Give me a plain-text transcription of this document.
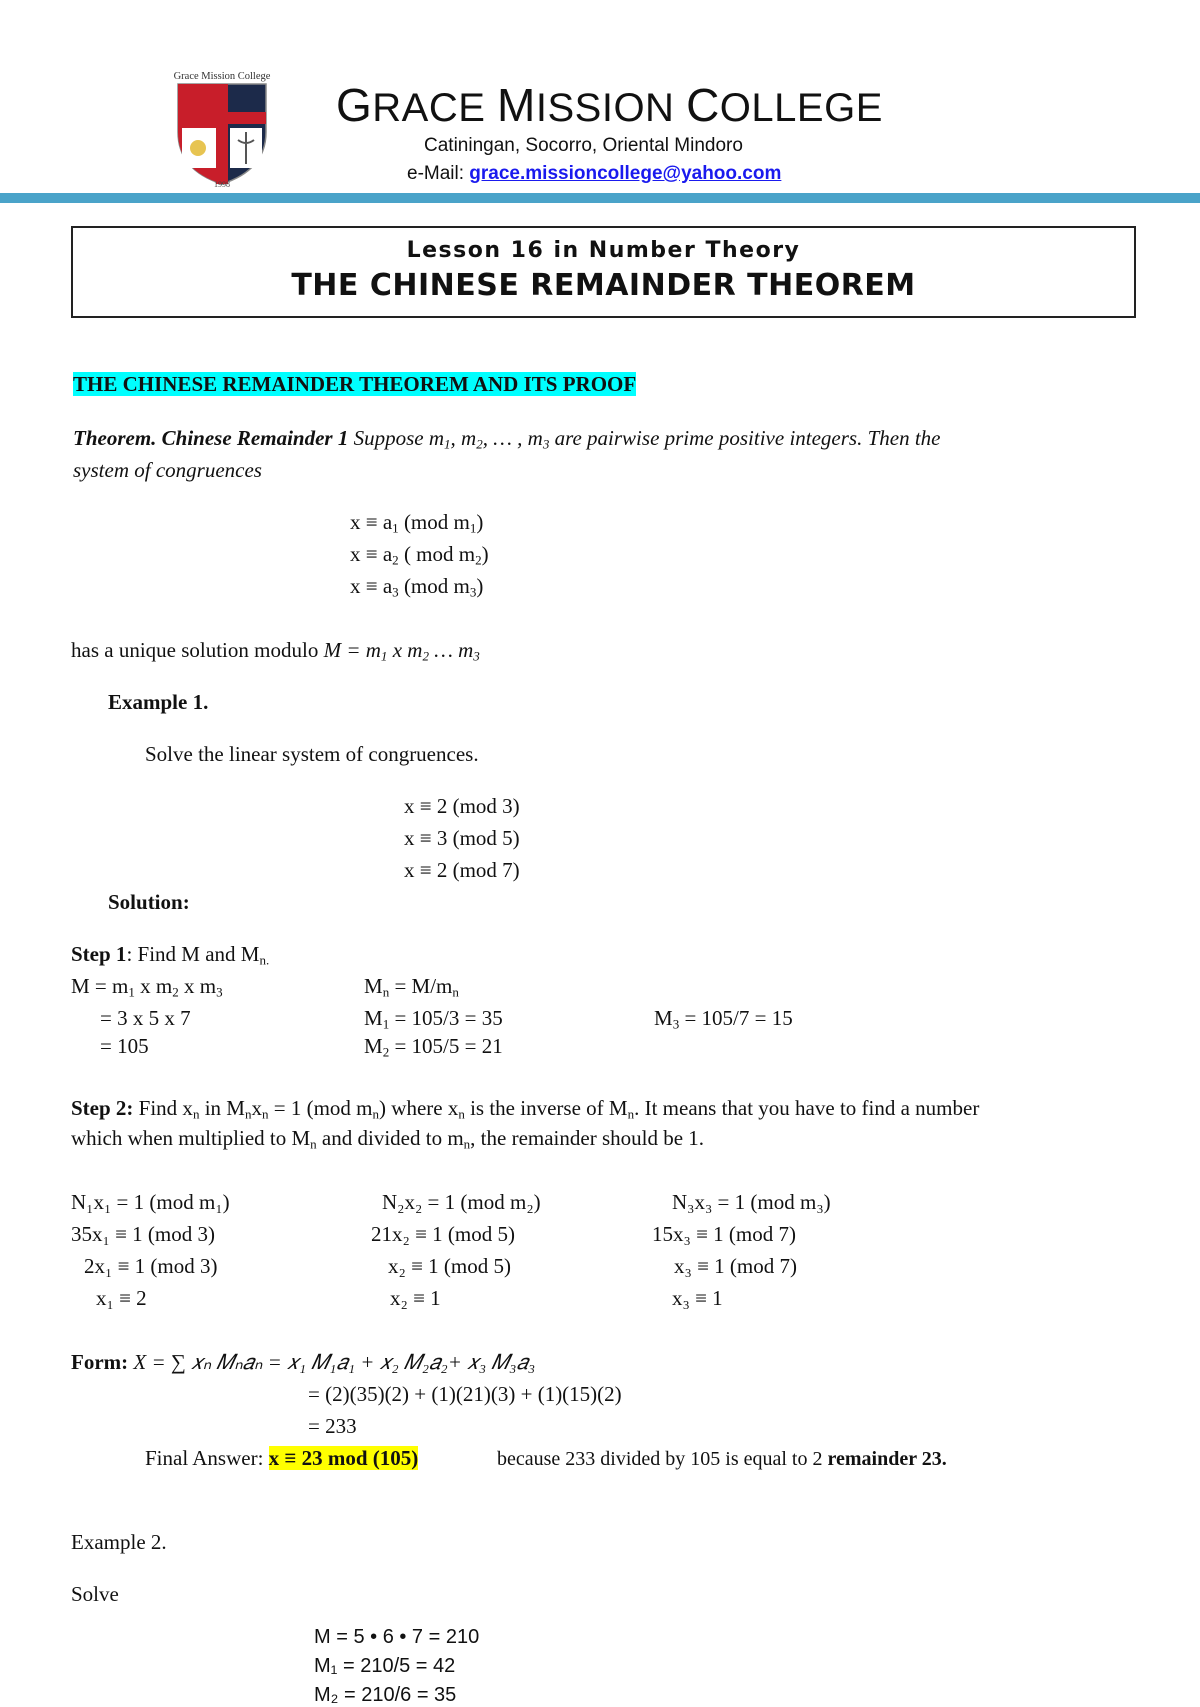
Grace Mission College
1998
GRACE MISSION COLLEGE
Catiningan, Socorro, Oriental Mindoro
e-Mail: grace.missioncollege@yahoo.com
Lesson 16 in Number Theory
THE CHINESE REMAINDER THEOREM
THE CHINESE REMAINDER THEOREM AND ITS PROOF
Theorem. Chinese Remainder 1 Suppose $m_1$, $m_2$, … , $m_3$ are pairwise prime positive integers. Then the
system of congruences
$x \equiv a_1$ (mod $m_1$)
$x \equiv a_2$ ( mod $m_2$)
$x \equiv a_3$ (mod $m_3$)
has a unique solution modulo $M = m_1$ x $m_2$ … $m_3$
Example 1.
Solve the linear system of congruences.
x ≡ 2 (mod 3)
x ≡ 3 (mod 5)
x ≡ 2 (mod 7)
Solution:
Step 1: Find M and $M_{n.}$
$M = m_1$ x $m_2$ x $m_3$
= 3 x 5 x 7
= 105
$M_n = M/m_n$
$M_1 = 105/3 = 35$
$M_2 = 105/5 = 21$
$M_3 = 105/7 = 15$
Step 2: Find $x_n$ in $M_nx_n = 1$ (mod $m_n$) where $x_n$ is the inverse of $M_n$. It means that you have to find a number
which when multiplied to $M_n$ and divided to $m_n$, the remainder should be 1.
N₁x₁ = 1 (mod m₁)
35x₁ ≡ 1 (mod 3)
2x₁ ≡ 1 (mod 3)
x₁ ≡ 2
N₂x₂ = 1 (mod m₂)
21x₂ ≡ 1 (mod 5)
x₂ ≡ 1 (mod 5)
x₂ ≡ 1
N₃x₃ = 1 (mod m₃)
15x₃ ≡ 1 (mod 7)
x₃ ≡ 1 (mod 7)
x₃ ≡ 1
Form: X = ∑ 𝑥ₙ 𝑀ₙ𝑎ₙ = 𝑥₁ 𝑀₁𝑎₁ + 𝑥₂ 𝑀₂𝑎₂+ 𝑥₃ 𝑀₃𝑎₃
= (2)(35)(2) + (1)(21)(3) + (1)(15)(2)
= 233
Final Answer: x ≡ 23 mod (105)	because 233 divided by 105 is equal to 2 remainder 23.
Example 2.
Solve
M = 5 • 6 • 7 = 210
M₁ = 210/5 = 42
M₂ = 210/6 = 35
